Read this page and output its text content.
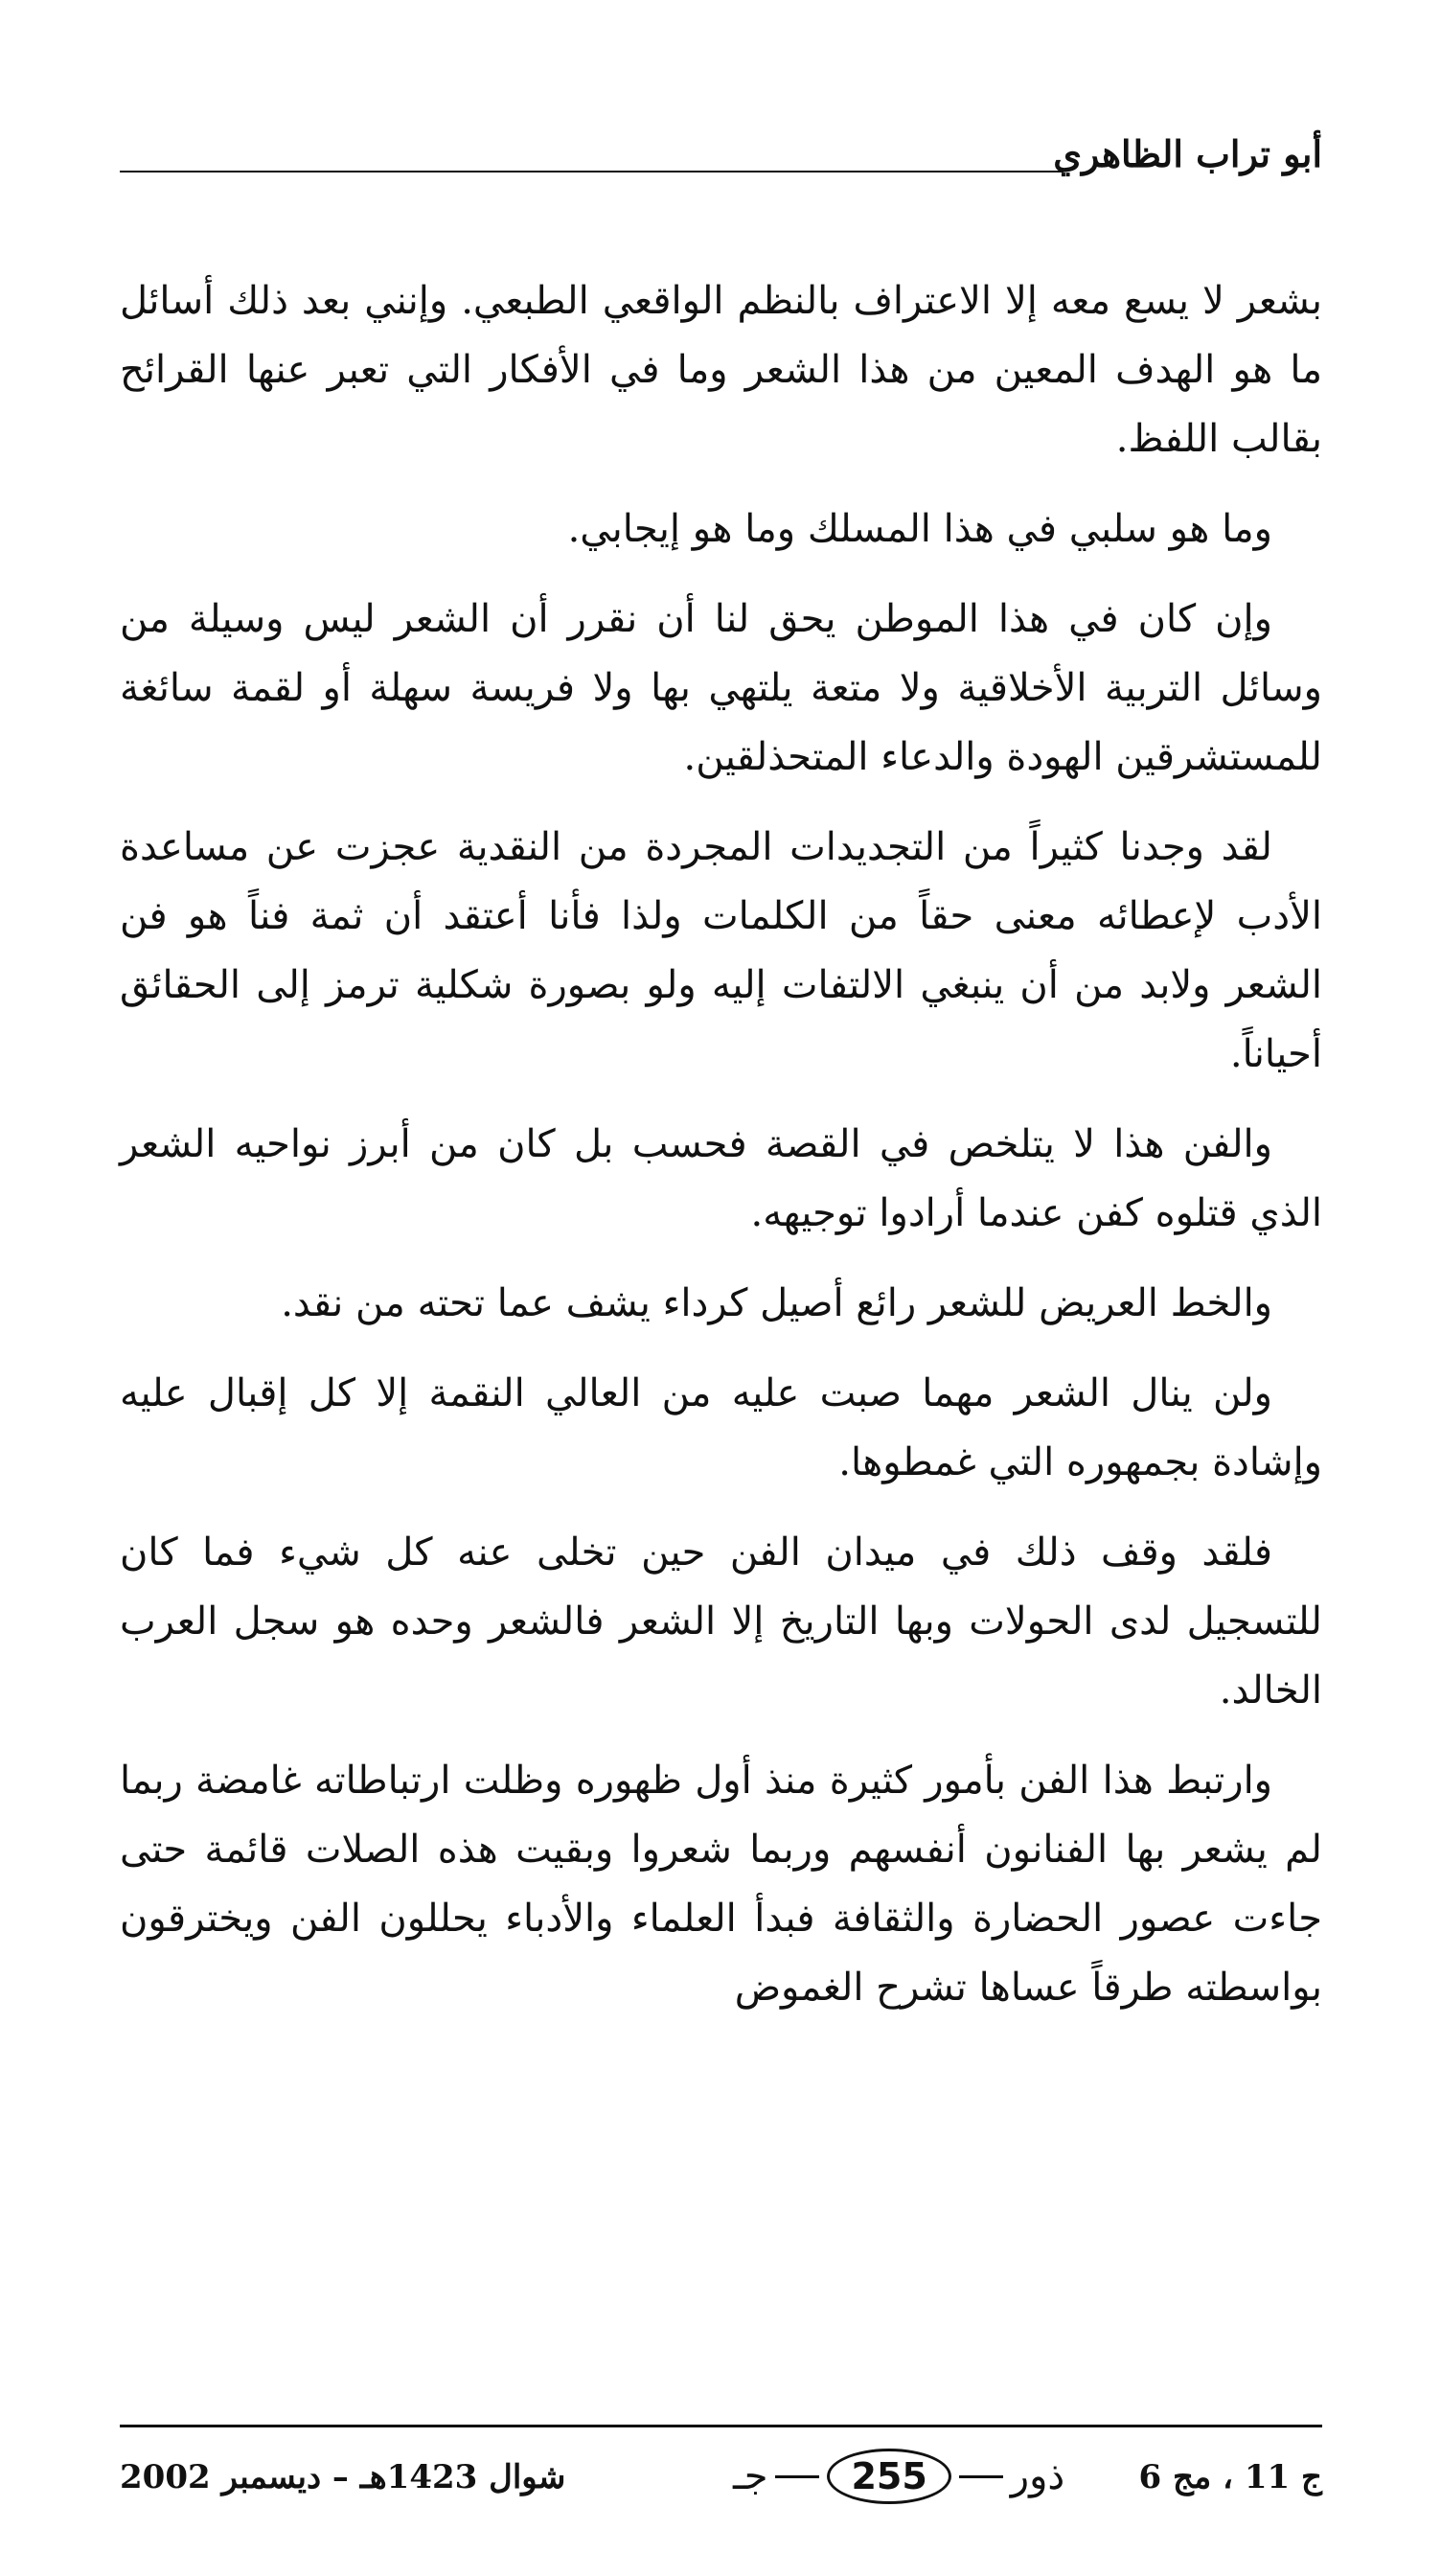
أبو تراب الظاهري

بشعر لا يسع معه إلا الاعتراف بالنظم الواقعي الطبعي. وإنني بعد ذلك أسائل ما هو الهدف المعين من هذا الشعر وما في الأفكار التي تعبر عنها القرائح بقالب اللفظ.

وما هو سلبي في هذا المسلك وما هو إيجابي.

وإن كان في هذا الموطن يحق لنا أن نقرر أن الشعر ليس وسيلة من وسائل التربية الأخلاقية ولا متعة يلتهي بها ولا فريسة سهلة أو لقمة سائغة للمستشرقين الهودة والدعاء المتحذلقين.

لقد وجدنا كثيراً من التجديدات المجردة من النقدية عجزت عن مساعدة الأدب لإعطائه معنى حقاً من الكلمات ولذا فأنا أعتقد أن ثمة فناً هو فن الشعر ولابد من أن ينبغي الالتفات إليه ولو بصورة شكلية ترمز إلى الحقائق أحياناً.

والفن هذا لا يتلخص في القصة فحسب بل كان من أبرز نواحيه الشعر الذي قتلوه كفن عندما أرادوا توجيهه.

والخط العريض للشعر رائع أصيل كرداء يشف عما تحته من نقد.

ولن ينال الشعر مهما صبت عليه من العالي النقمة إلا كل إقبال عليه وإشادة بجمهوره التي غمطوها.

فلقد وقف ذلك في ميدان الفن حين تخلى عنه كل شيء فما كان للتسجيل لدى الحولات وبها التاريخ إلا الشعر فالشعر وحده هو سجل العرب الخالد.

وارتبط هذا الفن بأمور كثيرة منذ أول ظهوره وظلت ارتباطاته غامضة ربما لم يشعر بها الفنانون أنفسهم وربما شعروا وبقيت هذه الصلات قائمة حتى جاءت عصور الحضارة والثقافة فبدأ العلماء والأدباء يحللون الفن ويخترقون بواسطته طرقاً عساها تشرح الغموض

ج 11 ، مج 6
جـ	255	ذور
شوال 1423هـ – ديسمبر 2002
